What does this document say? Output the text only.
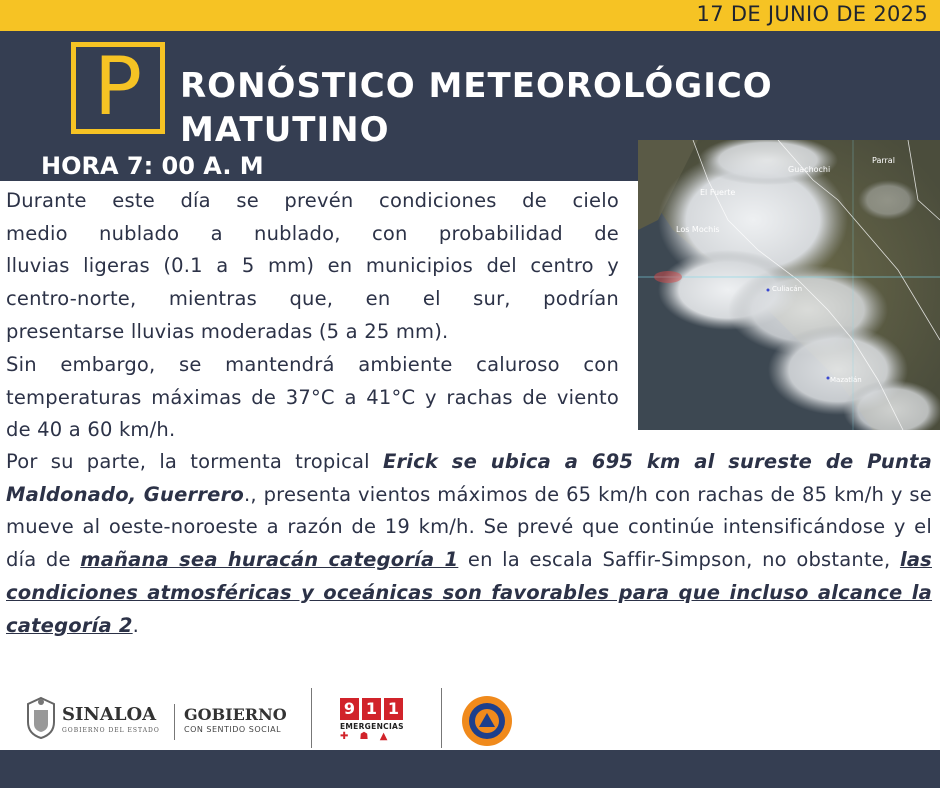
17 DE JUNIO DE 2025
P	RONÓSTICO METEOROLÓGICO
MATUTINO
HORA 7: 00 A. M	Guachochi
Parral
El Fuerte
Los Mochis
Culiacán
Mazatlán
Durante este día se prevén condiciones de cielo
medio nublado a nublado, con probabilidad de
lluvias ligeras (0.1 a 5 mm) en municipios del centro y
centro-norte, mientras que, en el sur, podrían
presentarse lluvias moderadas (5 a 25 mm).
Sin embargo, se mantendrá ambiente caluroso con temperaturas máximas de 37°C a 41°C y rachas de viento de 40 a 60 km/h.
Por su parte, la tormenta tropical Erick se ubica a 695 km al sureste de Punta Maldonado, Guerrero., presenta vientos máximos de 65 km/h con rachas de 85 km/h y se mueve al oeste-noroeste a razón de 19 km/h. Se prevé que continúe intensificándose y el día de mañana sea huracán categoría 1 en la escala Saffir-Simpson, no obstante, las condiciones atmosféricas y oceánicas son favorables para que incluso alcance la categoría 2.
SINALOA
GOBIERNO DEL ESTADO
GOBIERNO
CON SENTIDO SOCIAL
9 1 1
EMERGENCIAS
✚ ☗ ▲
